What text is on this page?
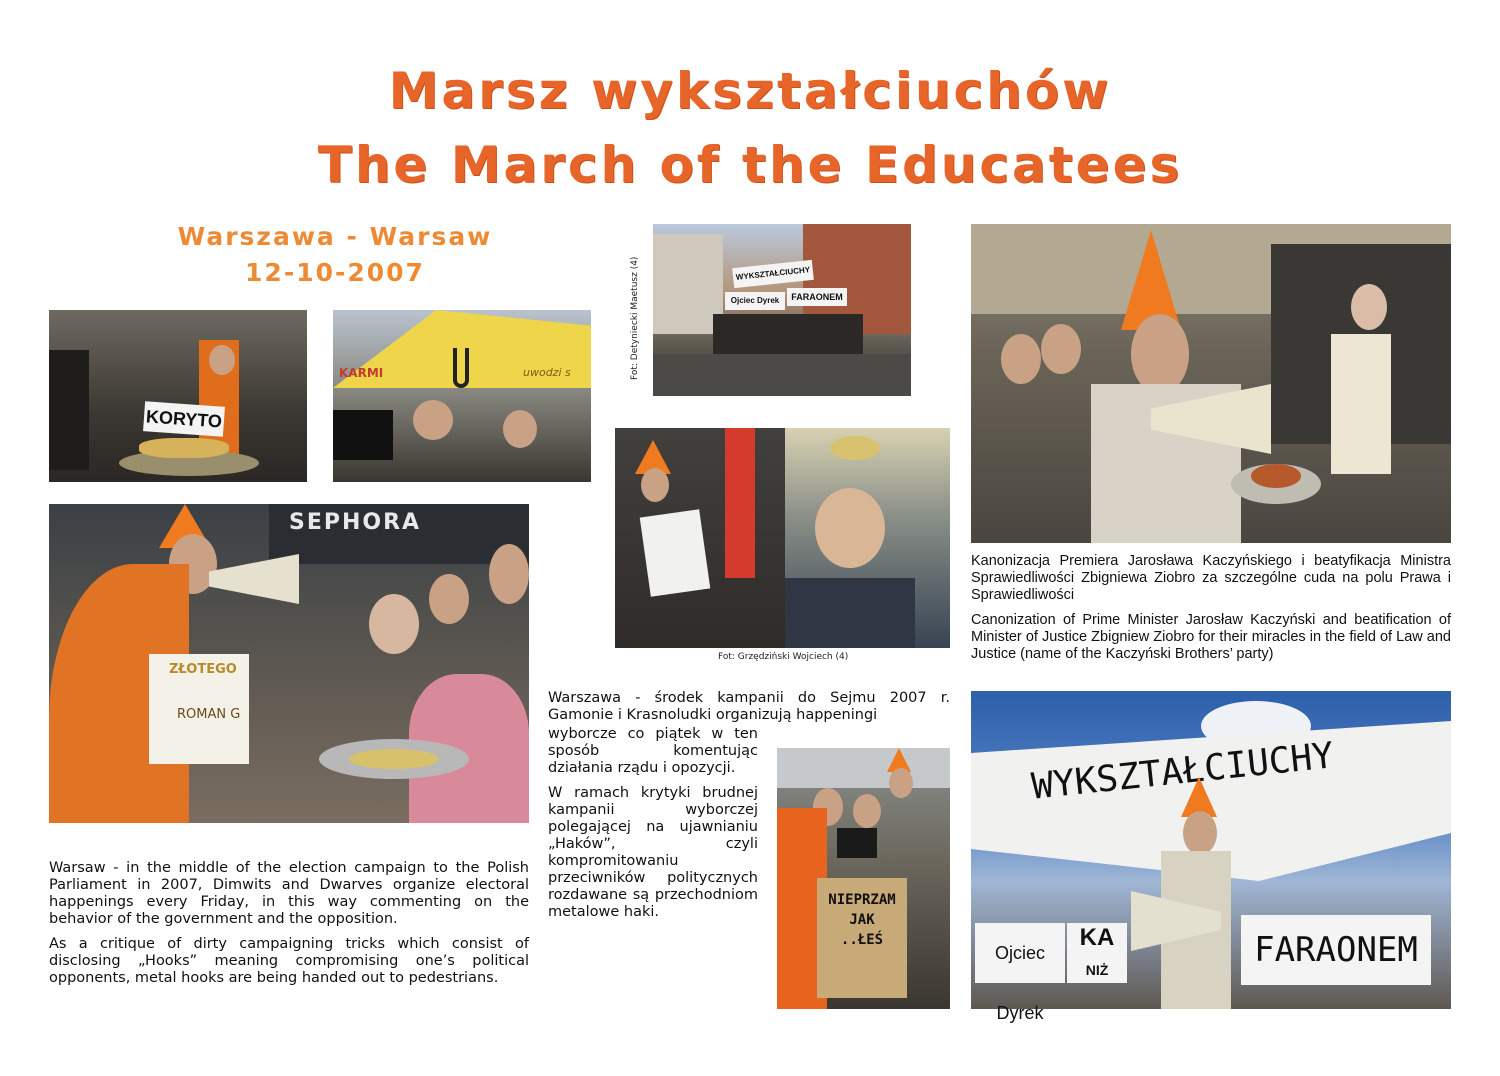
Marsz wykształciuchów
The March of the Educatees
Warszawa - Warsaw
12-10-2007
KORYTO
KARMI	uwodzi s
SEPHORA
ZŁOTEGO
ROMAN G
Fot: Detyniecki Maetusz (4)	WYKSZTAŁCIUCHY
Ojciec Dyrek	FARAONEM
Fot: Grzędziński Wojciech (4)

Kanonizacja Premiera Jarosława Kaczyńskiego i beatyfikacja Ministra Sprawiedliwości Zbigniewa Ziobro za szczególne cuda na polu Prawa i Sprawiedliwości

Canonization of Prime Minister Jarosław Kaczyński and beatification of Minister of Justice Zbigniew Ziobro for their miracles in the field of Law and Justice (name of the Kaczyński Brothers’ party)

WYKSZTAŁCIUCHY
Ojciec Dyrek
KA
NIŻ	FARAONEM
NIEPRZAM
JAK
..ŁEŚ

Warsaw - in the middle of the election campaign to the Polish Parliament in 2007, Dimwits and Dwarves organize electoral happenings every Friday, in this way commenting on the behavior of the government and the opposition.

As a critique of dirty campaigning tricks which consist of disclosing „Hooks” meaning compromising one’s political opponents, metal hooks are being handed out to pedestrians.

Warszawa - środek kampanii do Sejmu 2007 r. Gamonie i Krasnoludki organizują happeningi

wyborcze co piątek w ten sposób komentując działania rządu i opozycji.

W ramach krytyki brudnej kampanii wyborczej polegającej na ujawnianiu „Haków”, czyli kompromitowaniu przeciwników politycznych rozdawane są przechodniom metalowe haki.
